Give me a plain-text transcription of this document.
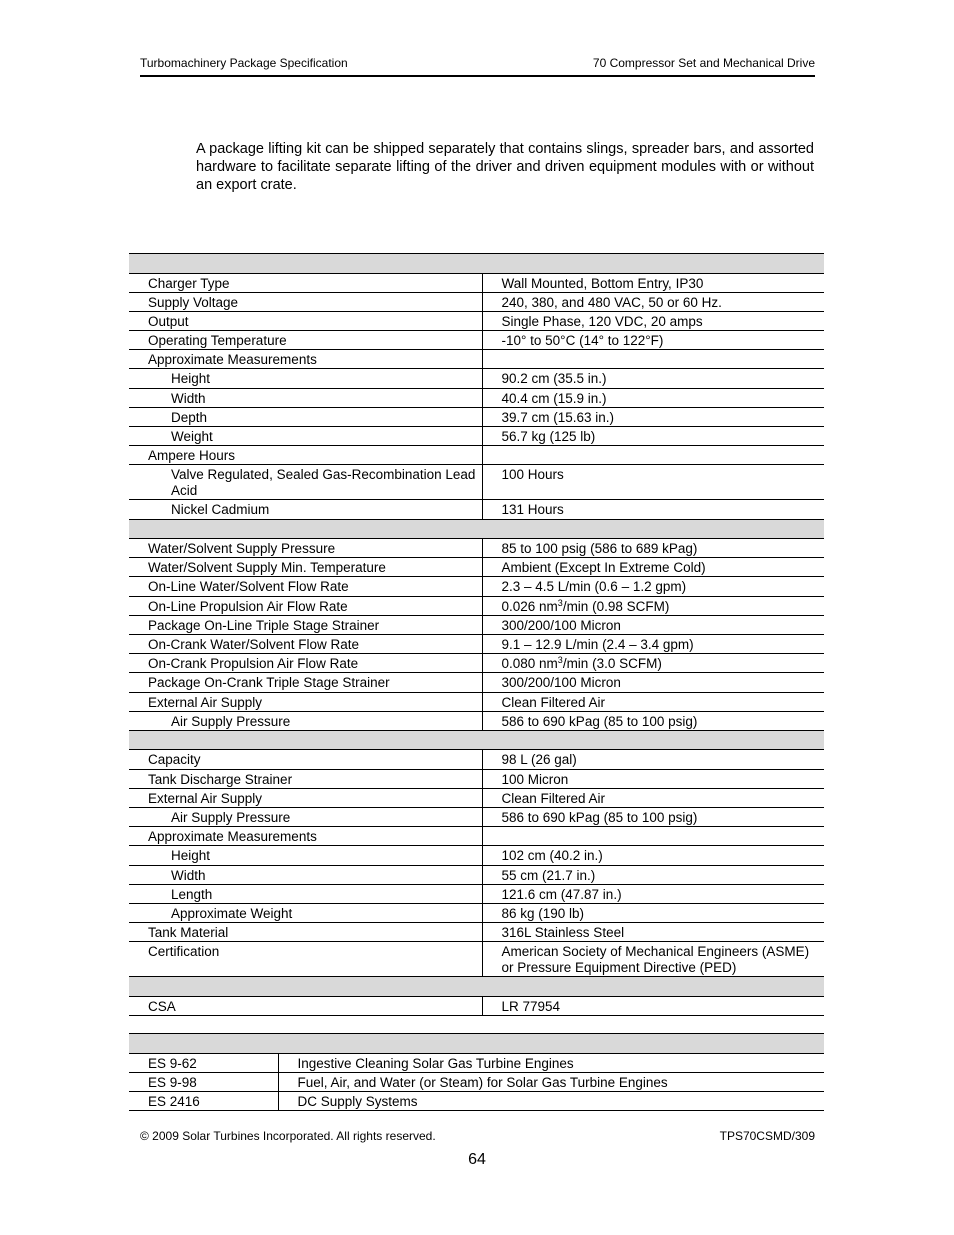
Turbomachinery Package Specification	70 Compressor Set and Mechanical Drive
A package lifting kit can be shipped separately that contains slings, spreader bars, and assorted hardware to facilitate separate lifting of the driver and driven equipment modules with or without an export crate.

Charger Type	Wall Mounted, Bottom Entry, IP30
Supply Voltage	240, 380, and 480 VAC, 50 or 60 Hz.
Output	Single Phase, 120 VDC, 20 amps
Operating Temperature	-10° to 50°C (14° to 122°F)
Approximate Measurements	
Height	90.2 cm (35.5 in.)
Width	40.4 cm (15.9 in.)
Depth	39.7 cm (15.63 in.)
Weight	56.7 kg (125 lb)
Ampere Hours	
Valve Regulated, Sealed Gas-Recombination Lead Acid	100 Hours
Nickel Cadmium	131 Hours

Water/Solvent Supply Pressure	85 to 100 psig (586 to 689 kPag)
Water/Solvent Supply Min. Temperature	Ambient (Except In Extreme Cold)
On-Line Water/Solvent Flow Rate	2.3 – 4.5 L/min (0.6 – 1.2 gpm)
On-Line Propulsion Air Flow Rate	0.026 $nm^3/\min$ (0.98 SCFM)
Package On-Line Triple Stage Strainer	300/200/100 Micron
On-Crank Water/Solvent Flow Rate	9.1 – 12.9 L/min (2.4 – 3.4 gpm)
On-Crank Propulsion Air Flow Rate	0.080 $nm^3/\min$ (3.0 SCFM)
Package On-Crank Triple Stage Strainer	300/200/100 Micron
External Air Supply	Clean Filtered Air
Air Supply Pressure	586 to 690 kPag (85 to 100 psig)

Capacity	98 L (26 gal)
Tank Discharge Strainer	100 Micron
External Air Supply	Clean Filtered Air
Air Supply Pressure	586 to 690 kPag (85 to 100 psig)
Approximate Measurements	
Height	102 cm (40.2 in.)
Width	55 cm (21.7 in.)
Length	121.6 cm (47.87 in.)
Approximate Weight	86 kg (190 lb)
Tank Material	316L Stainless Steel
Certification	American Society of Mechanical Engineers (ASME) or Pressure Equipment Directive (PED)

CSA	LR 77954

ES 9-62	Ingestive Cleaning Solar Gas Turbine Engines
ES 9-98	Fuel, Air, and Water (or Steam) for Solar Gas Turbine Engines
ES 2416	DC Supply Systems
© 2009 Solar Turbines Incorporated. All rights reserved.	TPS70CSMD/309
64
